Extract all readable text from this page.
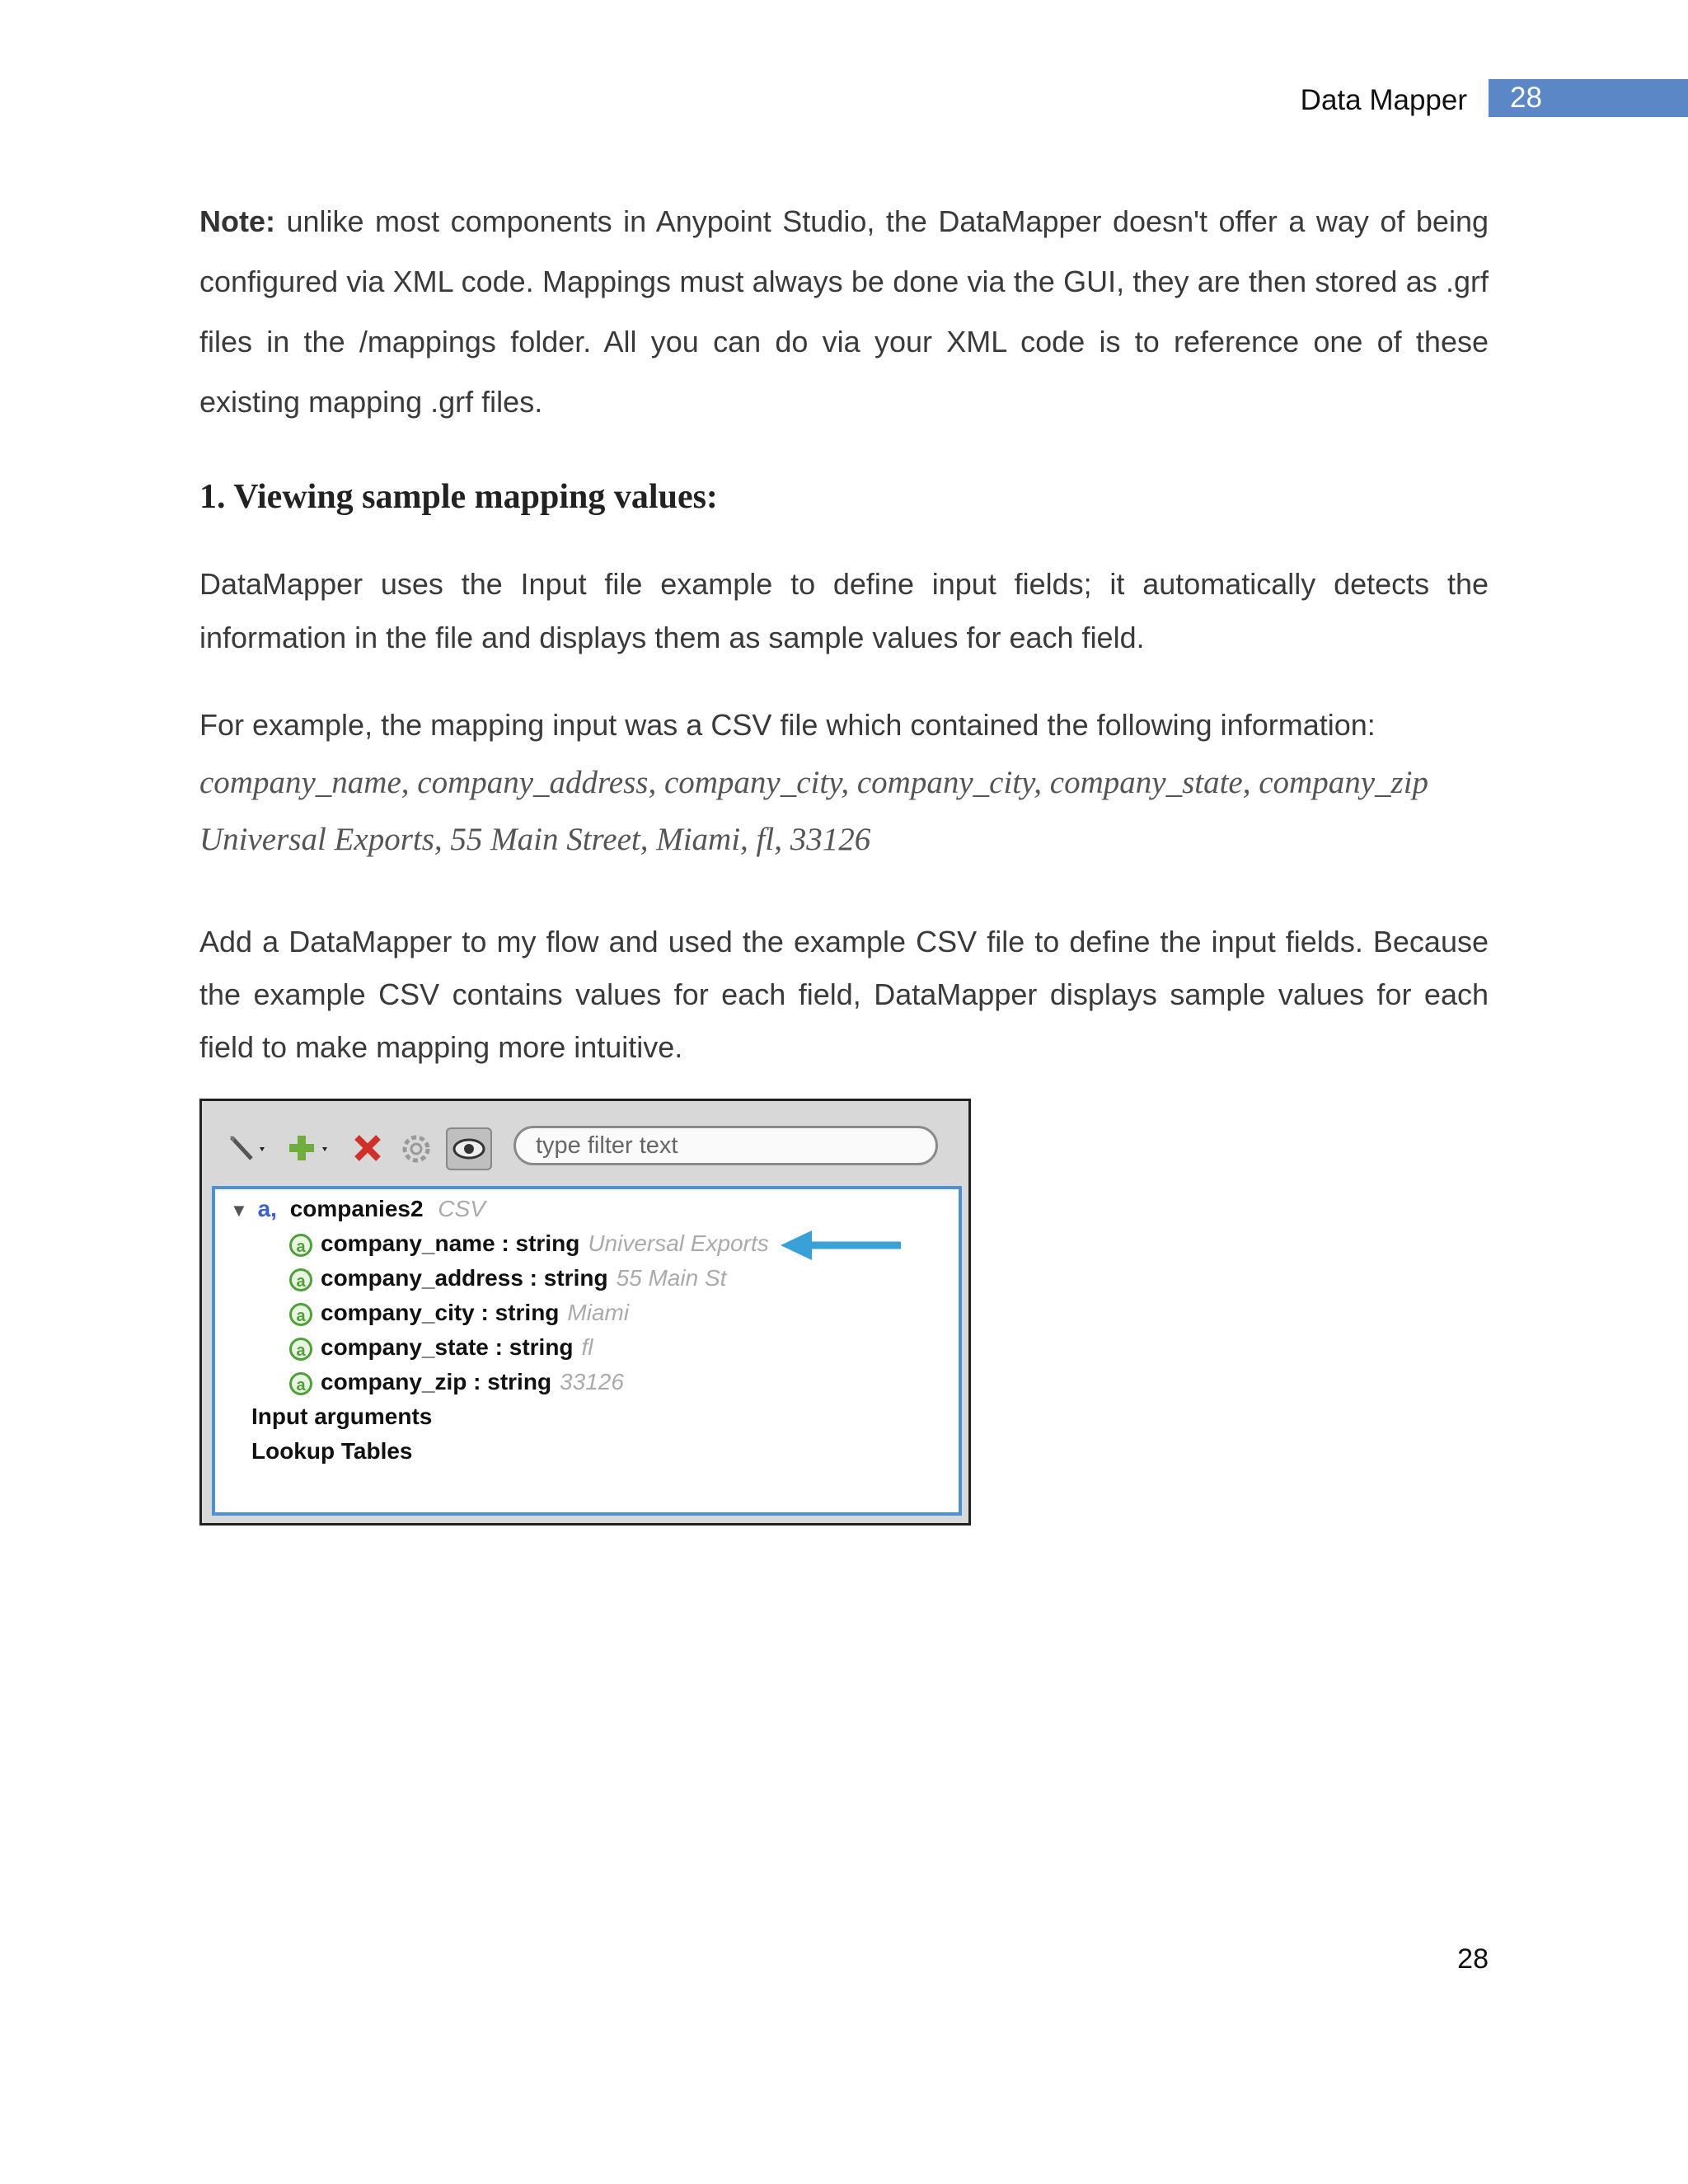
Data Mapper	28
Note: unlike most components in Anypoint Studio, the DataMapper doesn't offer a way of being configured via XML code. Mappings must always be done via the GUI, they are then stored as .grf files in the /mappings folder. All you can do via your XML code is to reference one of these existing mapping .grf files.
1. Viewing sample mapping values:
DataMapper uses the Input file example to define input fields; it automatically detects the information in the file and displays them as sample values for each field.
For example, the mapping input was a CSV file which contained the following information:
company_name, company_address, company_city, company_city, company_state, company_zip
Universal Exports, 55 Main Street, Miami, fl, 33126
Add a DataMapper to my flow and used the example CSV file to define the input fields. Because the example CSV contains values for each field, DataMapper displays sample values for each field to make mapping more intuitive.
type filter text
▼ a, companies2 CSV
a company_name : string Universal Exports
a company_address : string 55 Main St
a company_city : string Miami
a company_state : string fl
a company_zip : string 33126
Input arguments
Lookup Tables
28
